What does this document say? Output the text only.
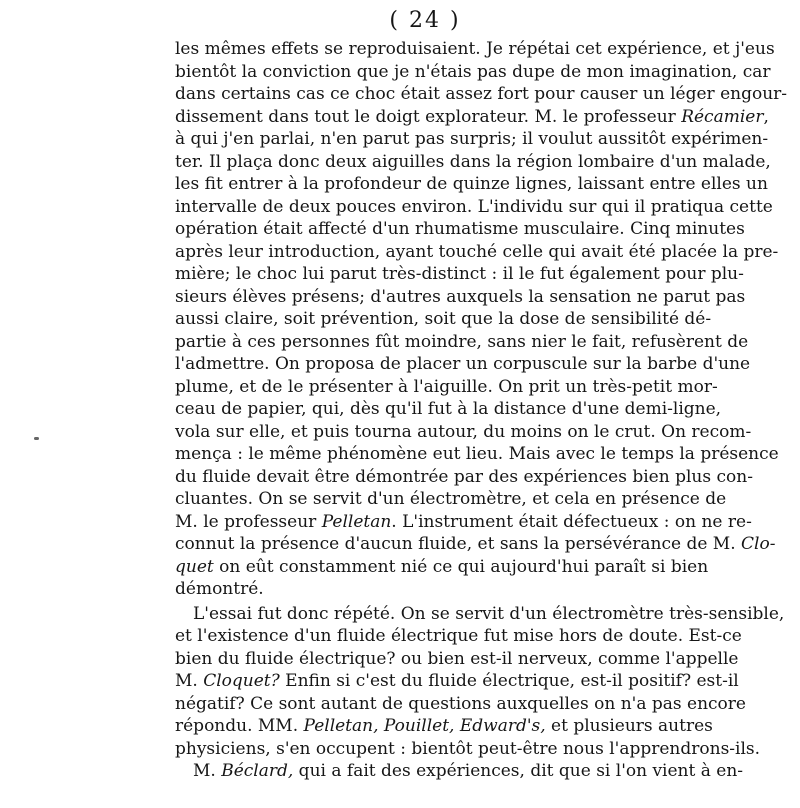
( 24 )
les mêmes effets se reproduisaient. Je répétai cet expérience, et j'eus
bientôt la conviction que je n'étais pas dupe de mon imagination, car
dans certains cas ce choc était assez fort pour causer un léger engour-
dissement dans tout le doigt explorateur. M. le professeur Récamier,
à qui j'en parlai, n'en parut pas surpris; il voulut aussitôt expérimen-
ter. Il plaça donc deux aiguilles dans la région lombaire d'un malade,
les fit entrer à la profondeur de quinze lignes, laissant entre elles un
intervalle de deux pouces environ. L'individu sur qui il pratiqua cette
opération était affecté d'un rhumatisme musculaire. Cinq minutes
après leur introduction, ayant touché celle qui avait été placée la pre-
mière; le choc lui parut très-distinct : il le fut également pour plu-
sieurs élèves présens; d'autres auxquels la sensation ne parut pas
aussi claire, soit prévention, soit que la dose de sensibilité dé-
partie à ces personnes fût moindre, sans nier le fait, refusèrent de
l'admettre. On proposa de placer un corpuscule sur la barbe d'une
plume, et de le présenter à l'aiguille. On prit un très-petit mor-
ceau de papier, qui, dès qu'il fut à la distance d'une demi-ligne,
vola sur elle, et puis tourna autour, du moins on le crut. On recom-
mença : le même phénomène eut lieu. Mais avec le temps la présence
du fluide devait être démontrée par des expériences bien plus con-
cluantes. On se servit d'un électromètre, et cela en présence de
M. le professeur Pelletan. L'instrument était défectueux : on ne re-
connut la présence d'aucun fluide, et sans la persévérance de M. Clo-
quet on eût constamment nié ce qui aujourd'hui paraît si bien
démontré.
L'essai fut donc répété. On se servit d'un électromètre très-sensible,
et l'existence d'un fluide électrique fut mise hors de doute. Est-ce
bien du fluide électrique? ou bien est-il nerveux, comme l'appelle
M. Cloquet? Enfin si c'est du fluide électrique, est-il positif? est-il
négatif? Ce sont autant de questions auxquelles on n'a pas encore
répondu. MM. Pelletan, Pouillet, Edward's, et plusieurs autres
physiciens, s'en occupent : bientôt peut-être nous l'apprendrons-ils.
M. Béclard, qui a fait des expériences, dit que si l'on vient à en-
